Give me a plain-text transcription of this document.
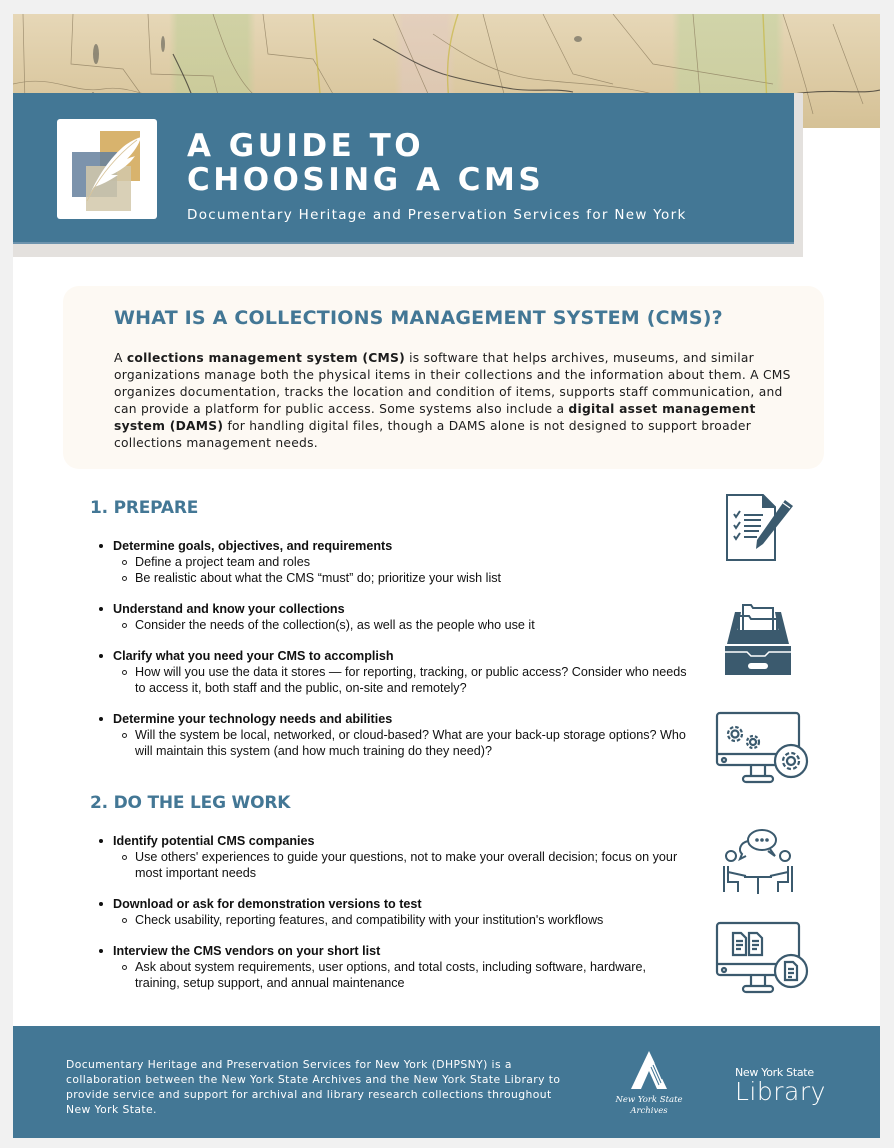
A GUIDE TO
CHOOSING A CMS
Documentary Heritage and Preservation Services for New York
WHAT IS A COLLECTIONS MANAGEMENT SYSTEM (CMS)?

A collections management system (CMS) is software that helps archives, museums, and similar organizations manage both the physical items in their collections and the information about them. A CMS organizes documentation, tracks the location and condition of items, supports staff communication, and can provide a platform for public access. Some systems also include a digital asset management system (DAMS) for handling digital files, though a DAMS alone is not designed to support broader collections management needs.

1. PREPARE
Determine goals, objectives, and requirements
Define a project team and roles
Be realistic about what the CMS “must” do; prioritize your wish list
Understand and know your collections
Consider the needs of the collection(s), as well as the people who use it
Clarify what you need your CMS to accomplish
How will you use the data it stores — for reporting, tracking, or public access? Consider who needs to access it, both staff and the public, on-site and remotely?
Determine your technology needs and abilities
Will the system be local, networked, or cloud-based? What are your back-up storage options? Who will maintain this system (and how much training do they need)?
2. DO THE LEG WORK
Identify potential CMS companies
Use others' experiences to guide your questions, not to make your overall decision; focus on your most important needs
Download or ask for demonstration versions to test
Check usability, reporting features, and compatibility with your institution's workflows
Interview the CMS vendors on your short list
Ask about system requirements, user options, and total costs, including software, hardware, training, setup support, and annual maintenance

Documentary Heritage and Preservation Services for New York (DHPSNY) is a collaboration between the New York State Archives and the New York State Library to provide service and support for archival and library research collections throughout New York State.

New York State
Archives
New York State
Library
